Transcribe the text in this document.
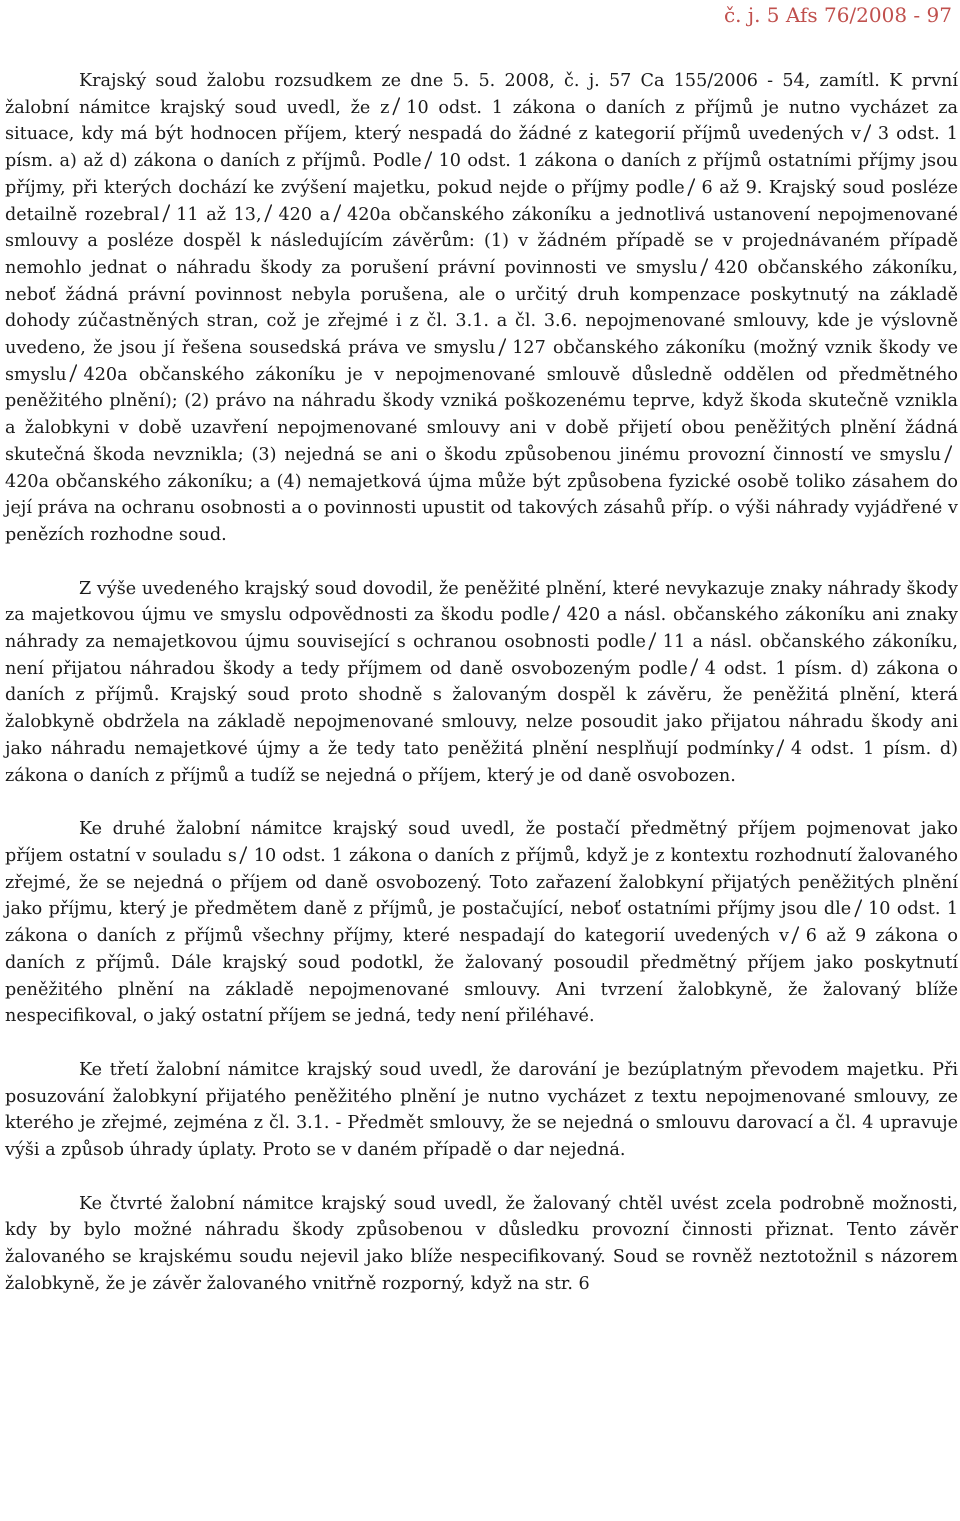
č. j. 5 Afs 76/2008 - 97

Krajský soud žalobu rozsudkem ze dne 5. 5. 2008, č. j. 57 Ca 155/2006 - 54, zamítl. K první žalobní námitce krajský soud uvedl, že z 10 odst. 1 zákona o daních z příjmů je nutno vycházet za situace, kdy má být hodnocen příjem, který nespadá do žádné z kategorií příjmů uvedených v 3 odst. 1 písm. a) až d) zákona o daních z příjmů. Podle 10 odst. 1 zákona o daních z příjmů ostatními příjmy jsou příjmy, při kterých dochází ke zvýšení majetku, pokud nejde o příjmy podle 6 až 9. Krajský soud posléze detailně rozebral 11 až 13, 420 a 420a občanského zákoníku a jednotlivá ustanovení nepojmenované smlouvy a posléze dospěl k následujícím závěrům: (1) v žádném případě se v projednávaném případě nemohlo jednat o náhradu škody za porušení právní povinnosti ve smyslu 420 občanského zákoníku, neboť žádná právní povinnost nebyla porušena, ale o určitý druh kompenzace poskytnutý na základě dohody zúčastněných stran, což je zřejmé i z čl. 3.1. a čl. 3.6. nepojmenované smlouvy, kde je výslovně uvedeno, že jsou jí řešena sousedská práva ve smyslu 127 občanského zákoníku (možný vznik škody ve smyslu 420a občanského zákoníku je v nepojmenované smlouvě důsledně oddělen od předmětného peněžitého plnění); (2) právo na náhradu škody vzniká poškozenému teprve, když škoda skutečně vznikla a žalobkyni v době uzavření nepojmenované smlouvy ani v době přijetí obou peněžitých plnění žádná skutečná škoda nevznikla; (3) nejedná se ani o škodu způsobenou jinému provozní činností ve smyslu
420a občanského zákoníku; a (4) nemajetková újma může být způsobena fyzické osobě toliko zásahem do její práva na ochranu osobnosti a o povinnosti upustit od takových zásahů příp. o výši náhrady vyjádřené v penězích rozhodne soud.

Z výše uvedeného krajský soud dovodil, že peněžité plnění, které nevykazuje znaky náhrady škody za majetkovou újmu ve smyslu odpovědnosti za škodu podle 420 a násl. občanského zákoníku ani znaky náhrady za nemajetkovou újmu související s ochranou osobnosti podle 11 a násl. občanského zákoníku, není přijatou náhradou škody a tedy příjmem od daně osvobozeným podle 4 odst. 1 písm. d) zákona o daních z příjmů. Krajský soud proto shodně s žalovaným dospěl k závěru, že peněžitá plnění, která žalobkyně obdržela na základě nepojmenované smlouvy, nelze posoudit jako přijatou náhradu škody ani jako náhradu nemajetkové újmy a že tedy tato peněžitá plnění nesplňují podmínky 4 odst. 1 písm. d) zákona o daních z příjmů a tudíž se nejedná o příjem, který je od daně osvobozen.

Ke druhé žalobní námitce krajský soud uvedl, že postačí předmětný příjem pojmenovat jako příjem ostatní v souladu s 10 odst. 1 zákona o daních z příjmů, když je z kontextu rozhodnutí žalovaného zřejmé, že se nejedná o příjem od daně osvobozený. Toto zařazení žalobkyní přijatých peněžitých plnění jako příjmu, který je předmětem daně z příjmů, je postačující, neboť ostatními příjmy jsou dle 10 odst. 1 zákona o daních z příjmů všechny příjmy, které nespadají do kategorií uvedených v 6 až 9 zákona o daních z příjmů. Dále krajský soud podotkl, že žalovaný posoudil předmětný příjem jako poskytnutí peněžitého plnění na základě nepojmenované smlouvy. Ani tvrzení žalobkyně, že žalovaný blíže nespecifikoval, o jaký ostatní příjem se jedná, tedy není přiléhavé.

Ke třetí žalobní námitce krajský soud uvedl, že darování je bezúplatným převodem majetku. Při posuzování žalobkyní přijatého peněžitého plnění je nutno vycházet z textu nepojmenované smlouvy, ze kterého je zřejmé, zejména z čl. 3.1. - Předmět smlouvy, že se nejedná o smlouvu darovací a čl. 4 upravuje výši a způsob úhrady úplaty. Proto se v daném případě o dar nejedná.

Ke čtvrté žalobní námitce krajský soud uvedl, že žalovaný chtěl uvést zcela podrobně možnosti, kdy by bylo možné náhradu škody způsobenou v důsledku provozní činnosti přiznat. Tento závěr žalovaného se krajskému soudu nejevil jako blíže nespecifikovaný. Soud se rovněž neztotožnil s názorem žalobkyně, že je závěr žalovaného vnitřně rozporný, když na str. 6
